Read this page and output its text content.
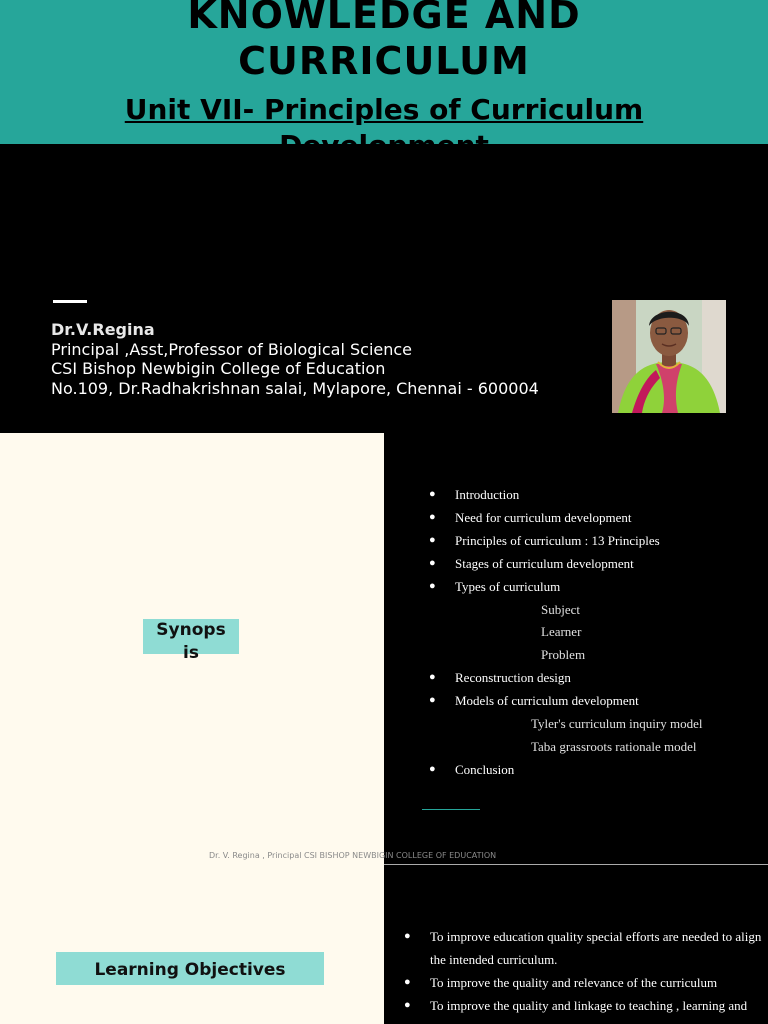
KNOWLEDGE AND
CURRICULUM
Unit VII- Principles of Curriculum
Development
Dr.V.Regina
Principal ,Asst,Professor of Biological Science
CSI Bishop Newbigin College of Education
No.109, Dr.Radhakrishnan salai, Mylapore, Chennai - 600004
Synops
is
● Introduction
● Need for curriculum development
● Principles of curriculum : 13 Principles
● Stages of curriculum development
● Types of curriculum
Subject
Learner
Problem
● Reconstruction design
● Models of curriculum development
Tyler's curriculum inquiry model
Taba grassroots rationale model
● Conclusion
Dr. V. Regina , Principal CSI BISHOP NEWBIGIN COLLEGE OF EDUCATION
Learning Objectives
● To improve education quality special efforts are needed to align
the intended curriculum.
● To improve the quality and relevance of the curriculum
● To improve the quality and linkage to teaching , learning and
